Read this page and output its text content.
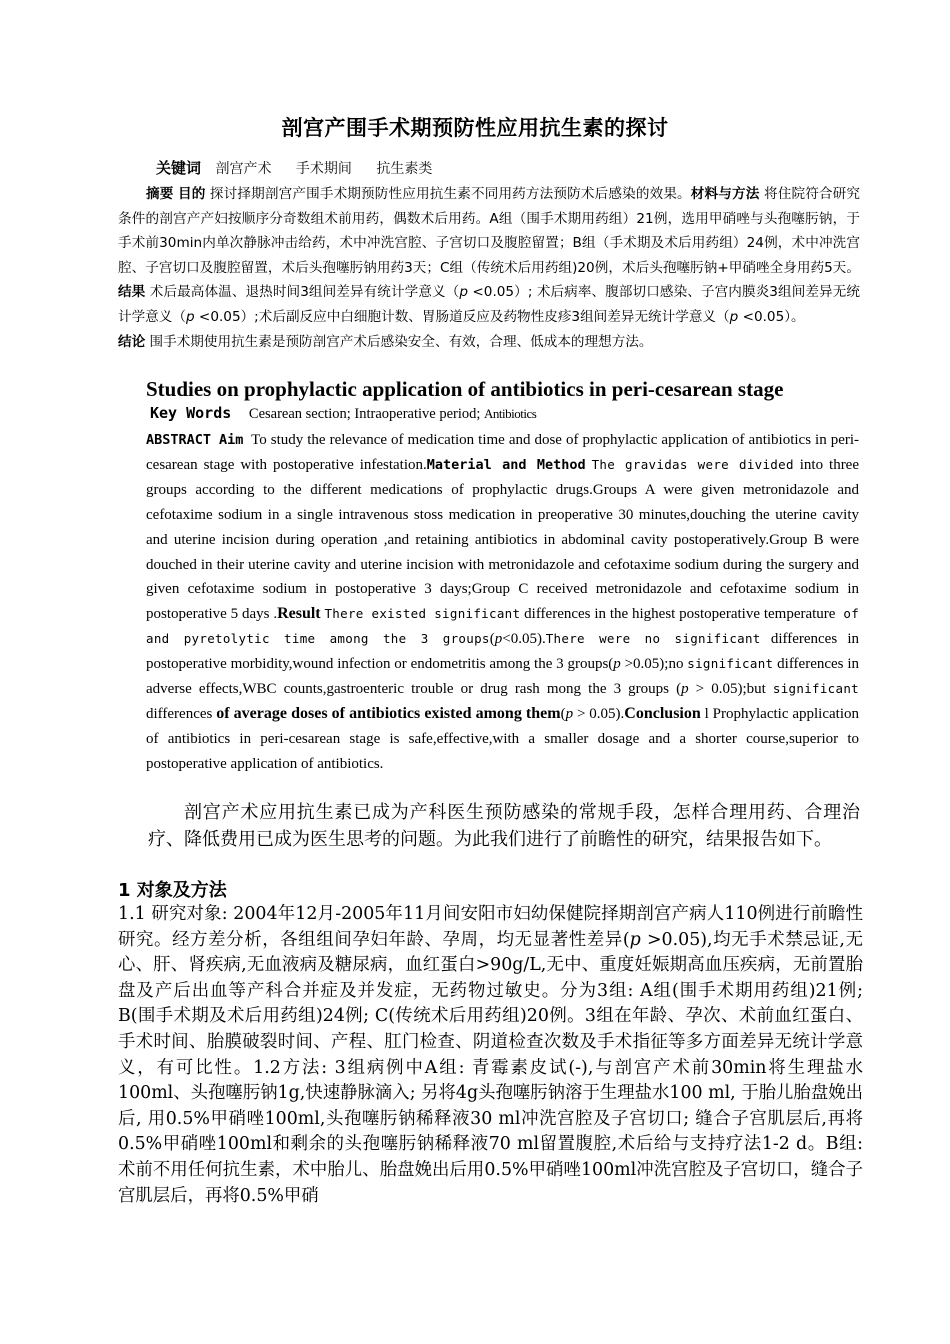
剖宫产围手术期预防性应用抗生素的探讨
关键词 剖宫产术 手术期间 抗生素类
摘要 目的 探讨择期剖宫产围手术期预防性应用抗生素不同用药方法预防术后感染的效果。材料与方法 将住院符合研究条件的剖宫产产妇按顺序分奇数组术前用药，偶数术后用药。A组（围手术期用药组）21例，选用甲硝唑与头孢噻肟钠，于手术前30min内单次静脉冲击给药，术中冲洗宫腔、子宫切口及腹腔留置；B组（手术期及术后用药组）24例，术中冲洗宫腔、子宫切口及腹腔留置，术后头孢噻肟钠用药3天；C组（传统术后用药组)20例，术后头孢噻肟钠+甲硝唑全身用药5天。结果 术后最高体温、退热时间3组间差异有统计学意义（p <0.05）; 术后病率、腹部切口感染、子宫内膜炎3组间差异无统计学意义（p <0.05）;术后副反应中白细胞计数、胃肠道反应及药物性皮疹3组间差异无统计学意义（p <0.05）。
结论 围手术期使用抗生素是预防剖宫产术后感染安全、有效，合理、低成本的理想方法。
Studies on prophylactic application of antibiotics in peri-cesarean stage
Key Words Cesarean section; Intraoperative period; Antibiotics
ABSTRACT Aim To study the relevance of medication time and dose of prophylactic application of antibiotics in peri-cesarean stage with postoperative infestation.Material and Method The gravidas were divided into three groups according to the different medications of prophylactic drugs.Groups A were given metronidazole and cefotaxime sodium in a single intravenous stoss medication in preoperative 30 minutes,douching the uterine cavity and uterine incision during operation ,and retaining antibiotics in abdominal cavity postoperatively.Group B were douched in their uterine cavity and uterine incision with metronidazole and cefotaxime sodium during the surgery and given cefotaxime sodium in postoperative 3 days;Group C received metronidazole and cefotaxime sodium in postoperative 5 days .Result There existed significant differences in the highest postoperative temperature of and pyretolytic time among the 3 groups(p<0.05).There were no significant differences in postoperative morbidity,wound infection or endometritis among the 3 groups(p >0.05);no significant differences in adverse effects,WBC counts,gastroenteric trouble or drug rash mong the 3 groups (p > 0.05);but significant differences of average doses of antibiotics existed among them(p > 0.05).Conclusion l Prophylactic application of antibiotics in peri-cesarean stage is safe,effective,with a smaller dosage and a shorter course,superior to postoperative application of antibiotics.
剖宫产术应用抗生素已成为产科医生预防感染的常规手段，怎样合理用药、合理治疗、降低费用已成为医生思考的问题。为此我们进行了前瞻性的研究，结果报告如下。
1 对象及方法
1.1 研究对象: 2004年12月-2005年11月间安阳市妇幼保健院择期剖宫产病人110例进行前瞻性研究。经方差分析，各组组间孕妇年龄、孕周，均无显著性差异(p >0.05),均无手术禁忌证,无心、肝、肾疾病,无血液病及糖尿病，血红蛋白>90g/L,无中、重度妊娠期高血压疾病，无前置胎盘及产后出血等产科合并症及并发症，无药物过敏史。分为3组: A组(围手术期用药组)21例; B(围手术期及术后用药组)24例; C(传统术后用药组)20例。3组在年龄、孕次、术前血红蛋白、手术时间、胎膜破裂时间、产程、肛门检查、阴道检查次数及手术指征等多方面差异无统计学意义，有可比性。1.2方法: 3组病例中A组: 青霉素皮试(-),与剖宫产术前30min将生理盐水100ml、头孢噻肟钠1g,快速静脉滴入; 另将4g头孢噻肟钠溶于生理盐水100 ml, 于胎儿胎盘娩出后, 用0.5%甲硝唑100ml,头孢噻肟钠稀释液30 ml冲洗宫腔及子宫切口; 缝合子宫肌层后,再将0.5%甲硝唑100ml和剩余的头孢噻肟钠稀释液70 ml留置腹腔,术后给与支持疗法1-2 d。B组: 术前不用任何抗生素，术中胎儿、胎盘娩出后用0.5%甲硝唑100ml冲洗宫腔及子宫切口，缝合子宫肌层后，再将0.5%甲硝
